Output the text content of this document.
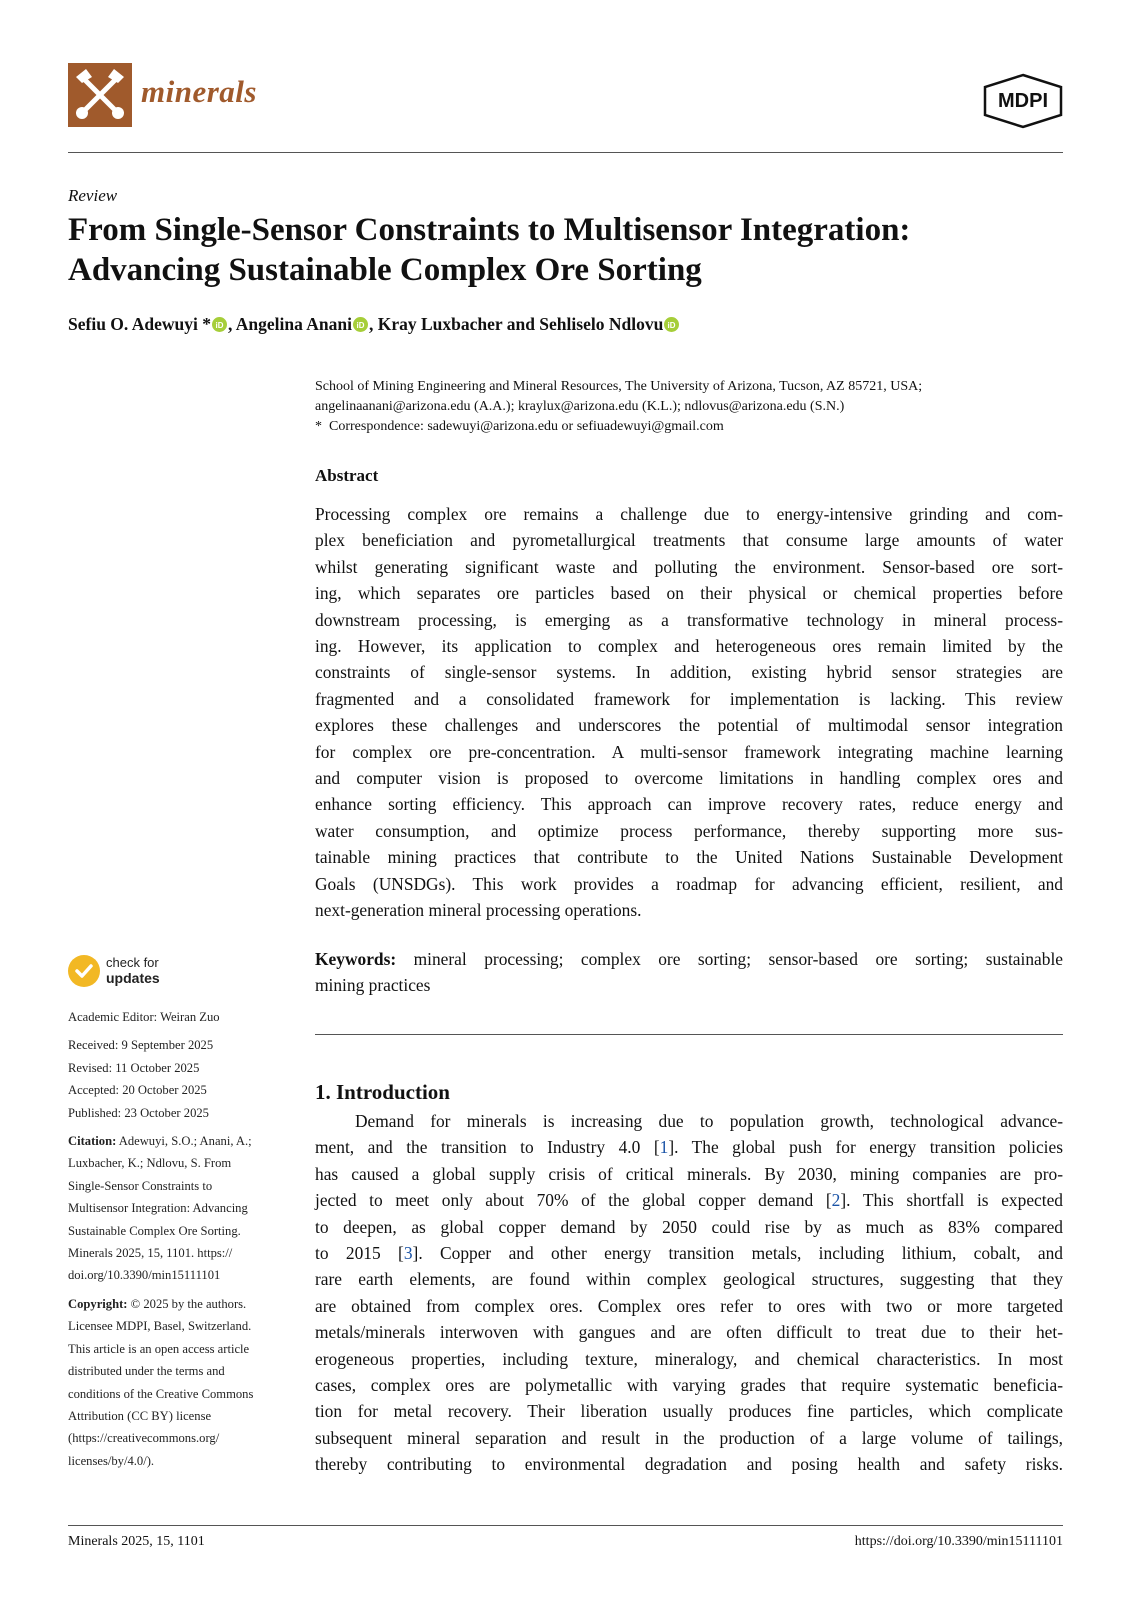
minerals	MDPI
Review
From Single-Sensor Constraints to Multisensor Integration:
Advancing Sustainable Complex Ore Sorting
Sefiu O. Adewuyi * iD , Angelina Anani iD , Kray Luxbacher and Sehliselo Ndlovu iD
School of Mining Engineering and Mineral Resources, The University of Arizona, Tucson, AZ 85721, USA;
angelinaanani@arizona.edu (A.A.); kraylux@arizona.edu (K.L.); ndlovus@arizona.edu (S.N.)
*  Correspondence: sadewuyi@arizona.edu or sefiuadewuyi@gmail.com
Abstract
Processing complex ore remains a challenge due to energy-intensive grinding and com-
plex beneficiation and pyrometallurgical treatments that consume large amounts of water
whilst generating significant waste and polluting the environment. Sensor-based ore sort-
ing, which separates ore particles based on their physical or chemical properties before
downstream processing, is emerging as a transformative technology in mineral process-
ing. However, its application to complex and heterogeneous ores remain limited by the
constraints of single-sensor systems. In addition, existing hybrid sensor strategies are
fragmented and a consolidated framework for implementation is lacking. This review
explores these challenges and underscores the potential of multimodal sensor integration
for complex ore pre-concentration. A multi-sensor framework integrating machine learning
and computer vision is proposed to overcome limitations in handling complex ores and
enhance sorting efficiency. This approach can improve recovery rates, reduce energy and
water consumption, and optimize process performance, thereby supporting more sus-
tainable mining practices that contribute to the United Nations Sustainable Development
Goals (UNSDGs). This work provides a roadmap for advancing efficient, resilient, and
next-generation mineral processing operations.
Keywords: mineral processing; complex ore sorting; sensor-based ore sorting; sustainable
mining practices
1. Introduction
Demand for minerals is increasing due to population growth, technological advance-
ment, and the transition to Industry 4.0 [1]. The global push for energy transition policies
has caused a global supply crisis of critical minerals. By 2030, mining companies are pro-
jected to meet only about 70% of the global copper demand [2]. This shortfall is expected
to deepen, as global copper demand by 2050 could rise by as much as 83% compared
to 2015 [3]. Copper and other energy transition metals, including lithium, cobalt, and
rare earth elements, are found within complex geological structures, suggesting that they
are obtained from complex ores. Complex ores refer to ores with two or more targeted
metals/minerals interwoven with gangues and are often difficult to treat due to their het-
erogeneous properties, including texture, mineralogy, and chemical characteristics. In most
cases, complex ores are polymetallic with varying grades that require systematic beneficia-
tion for metal recovery. Their liberation usually produces fine particles, which complicate
subsequent mineral separation and result in the production of a large volume of tailings,
thereby contributing to environmental degradation and posing health and safety risks.
check for
updates
Academic Editor: Weiran Zuo
Received: 9 September 2025
Revised: 11 October 2025
Accepted: 20 October 2025
Published: 23 October 2025
Citation: Adewuyi, S.O.; Anani, A.;
Luxbacher, K.; Ndlovu, S. From
Single-Sensor Constraints to
Multisensor Integration: Advancing
Sustainable Complex Ore Sorting.
Minerals 2025, 15, 1101. https://
doi.org/10.3390/min15111101
Copyright: © 2025 by the authors.
Licensee MDPI, Basel, Switzerland.
This article is an open access article
distributed under the terms and
conditions of the Creative Commons
Attribution (CC BY) license
(https://creativecommons.org/
licenses/by/4.0/).
Minerals 2025, 15, 1101	https://doi.org/10.3390/min15111101
